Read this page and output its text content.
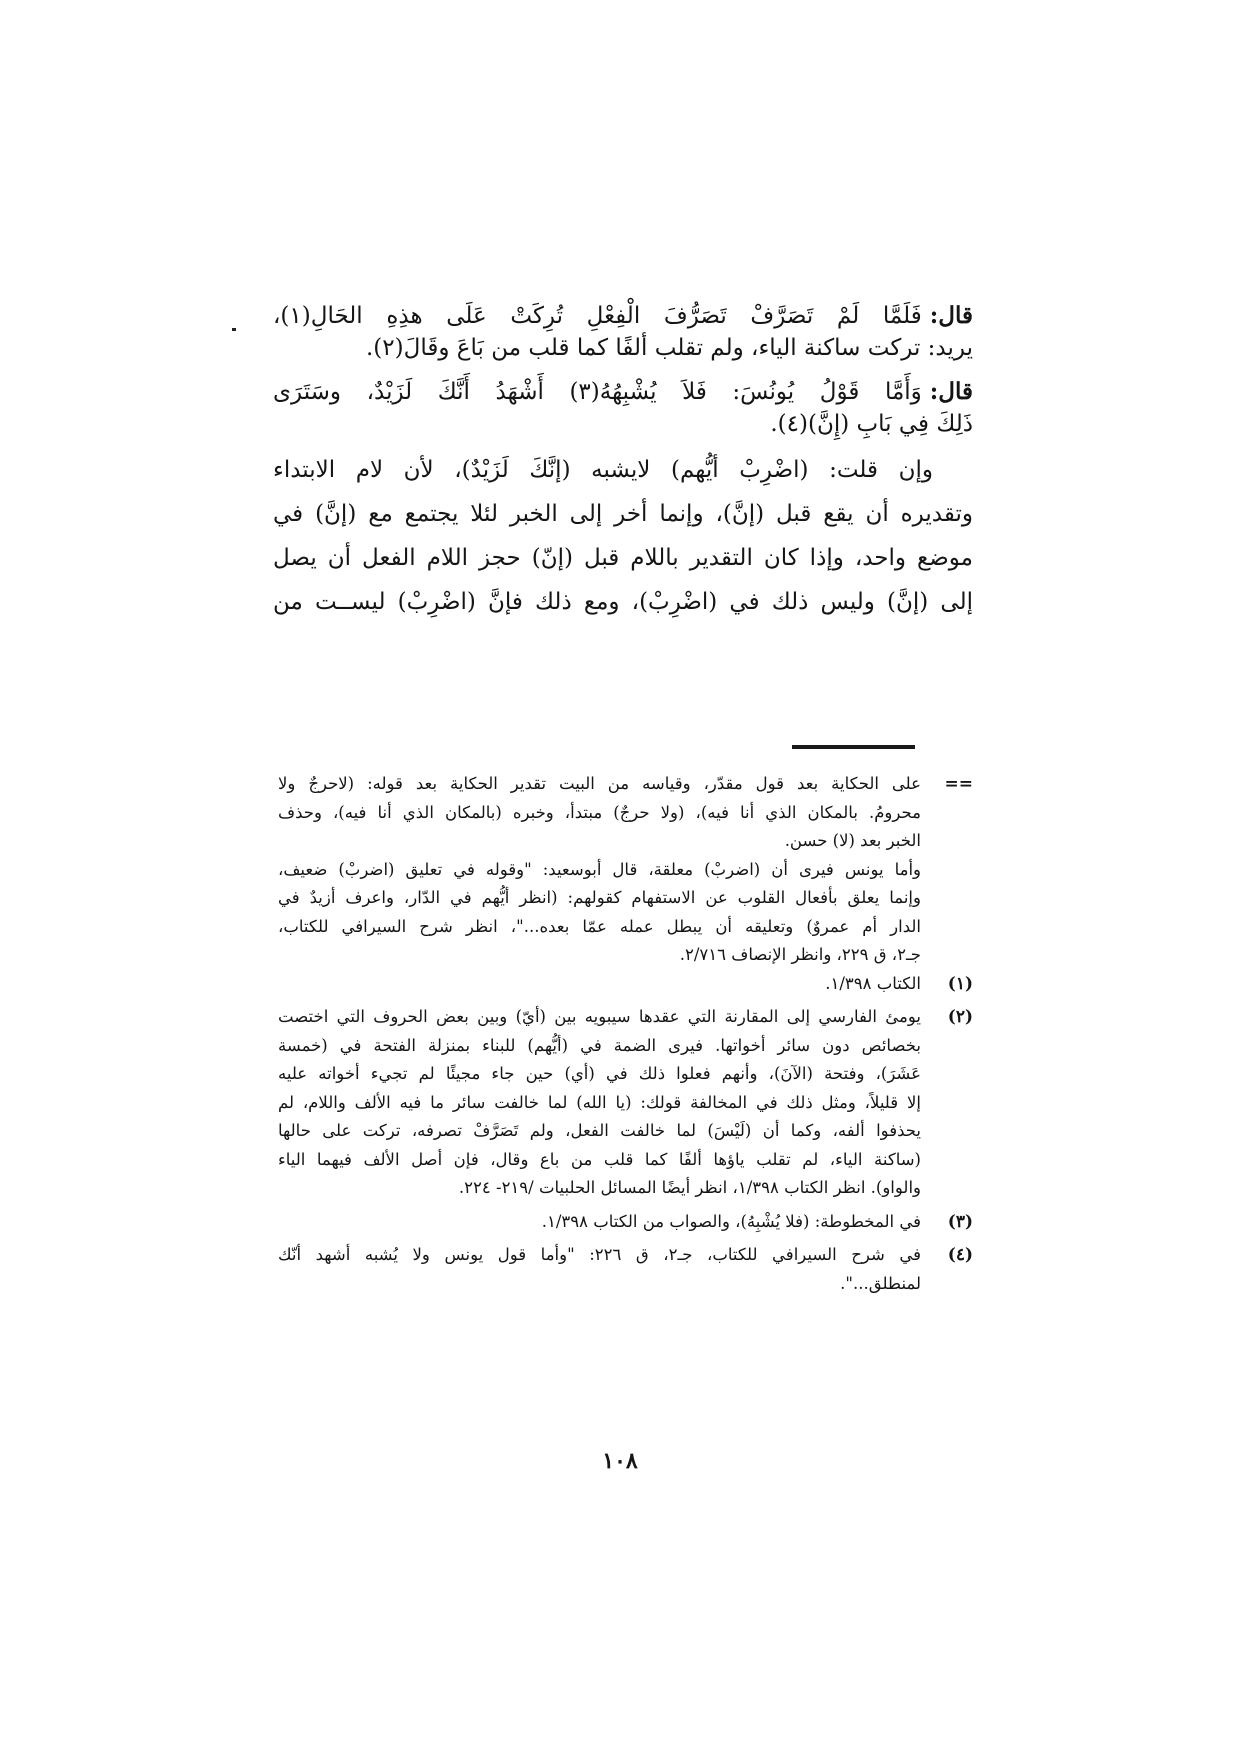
قال:فَلَمَّا لَمْ تَصَرَّفْ تَصَرُّفَ الْفِعْلِ تُرِكَتْ عَلَى هذِهِ الحَالِ(١)،
يريد: تركت ساكنة الياء، ولم تقلب ألفًا كما قلب من بَاعَ وقَالَ(٢).
قال:وَأَمَّا قَوْلُ يُونُسَ: فَلاَ يُشْبِهُهُ(٣) أَشْهَدُ أَنَّكَ لَزَيْدٌ، وسَتَرَى
ذَلِكَ فِي بَابِ (إِنَّ)(٤).
وإن قلت: (اضْرِبْ أيُّهم) لايشبه (إنَّكَ لَزَيْدٌ)، لأن لام الابتداء
وتقديره أن يقع قبل (إنَّ)، وإنما أخر إلى الخبر لئلا يجتمع مع (إنَّ) في
موضع واحد، وإذا كان التقدير باللام قبل (إنّ) حجز اللام الفعل أن يصل
إلى (إنَّ) وليس ذلك في (اضْرِبْ)، ومع ذلك فإنَّ (اضْرِبْ) ليســت من
==
على الحكاية بعد قول مقدّر، وقياسه من البيت تقدير الحكاية بعد قوله: (لاحرجٌ ولا
محرومُ. بالمكان الذي أنا فيه)، (ولا حرجٌ) مبتدأ، وخبره (بالمكان الذي أنا فيه)، وحذف
الخبر بعد (لا) حسن.
وأما يونس فيرى أن (اضربْ) معلقة، قال أبوسعيد: "وقوله في تعليق (اضربْ) ضعيف،
وإنما يعلق بأفعال القلوب عن الاستفهام كقولهم: (انظر أيُّهم في الدّار، واعرف أزيدٌ في
الدار أم عمروٌ) وتعليقه أن يبطل عمله عمّا بعده..."، انظر شرح السيرافي للكتاب،
جـ٢، ق ٢٢٩، وانظر الإنصاف ٢/٧١٦.
(١)
الكتاب ١/٣٩٨.
(٢)
يومئ الفارسي إلى المقارنة التي عقدها سيبويه بين (أيّ) وبين بعض الحروف التي اختصت
بخصائص دون سائر أخواتها. فيرى الضمة في (أيُّهم) للبناء بمنزلة الفتحة في (خمسة
عَشَرَ)، وفتحة (الآنَ)، وأنهم فعلوا ذلك في (أي) حين جاء مجيئًا لم تجيء أخواته عليه
إلا قليلاً، ومثل ذلك في المخالفة قولك: (يا الله) لما خالفت سائر ما فيه الألف واللام، لم
يحذفوا ألفه، وكما أن (لَيْسَ) لما خالفت الفعل، ولم تَصَرَّفْ تصرفه، تركت على حالها
(ساكنة الياء، لم تقلب ياؤها ألفًا كما قلب من باع وقال، فإن أصل الألف فيهما الياء
والواو). انظر الكتاب ١/٣٩٨، انظر أيضًا المسائل الحلبيات /٢١٩- ٢٢٤.
(٣)
في المخطوطة: (فلا يُشْبِهُ)، والصواب من الكتاب ١/٣٩٨.
(٤)
في شرح السيرافي للكتاب، جـ٢، ق ٢٢٦: "وأما قول يونس ولا يُشبه أشهد أنّك
لمنطلق...".
١٠٨
